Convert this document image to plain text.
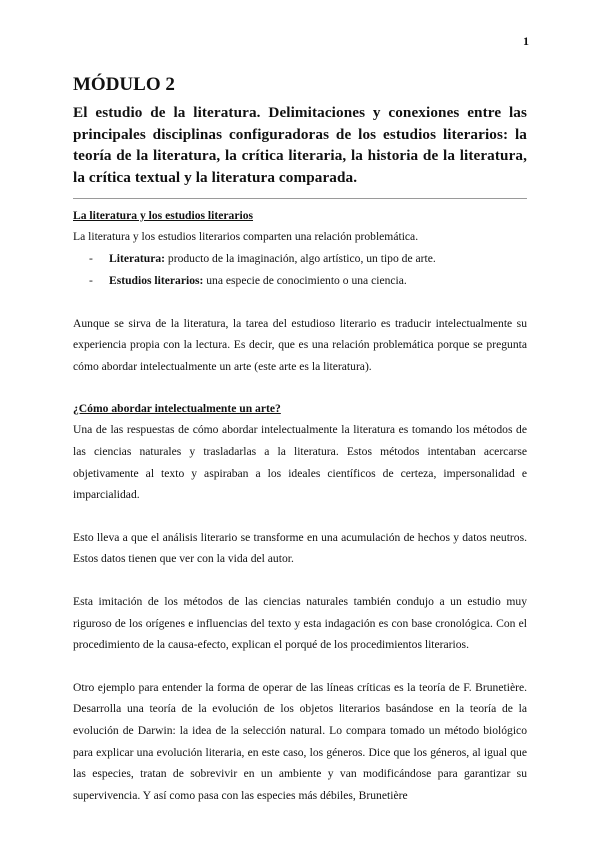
1
MÓDULO 2
El estudio de la literatura. Delimitaciones y conexiones entre las principales disciplinas configuradoras de los estudios literarios: la teoría de la literatura, la crítica literaria, la historia de la literatura, la crítica textual y la literatura comparada.
La literatura y los estudios literarios

La literatura y los estudios literarios comparten una relación problemática.

- Literatura: producto de la imaginación, algo artístico, un tipo de arte.
- Estudios literarios: una especie de conocimiento o una ciencia.

Aunque se sirva de la literatura, la tarea del estudioso literario es traducir intelectualmente su experiencia propia con la lectura. Es decir, que es una relación problemática porque se pregunta cómo abordar intelectualmente un arte (este arte es la literatura).

¿Cómo abordar intelectualmente un arte?

Una de las respuestas de cómo abordar intelectualmente la literatura es tomando los métodos de las ciencias naturales y trasladarlas a la literatura. Estos métodos intentaban acercarse objetivamente al texto y aspiraban a los ideales científicos de certeza, impersonalidad e imparcialidad.

Esto lleva a que el análisis literario se transforme en una acumulación de hechos y datos neutros. Estos datos tienen que ver con la vida del autor.

Esta imitación de los métodos de las ciencias naturales también condujo a un estudio muy riguroso de los orígenes e influencias del texto y esta indagación es con base cronológica. Con el procedimiento de la causa-efecto, explican el porqué de los procedimientos literarios.

Otro ejemplo para entender la forma de operar de las líneas críticas es la teoría de F. Brunetière. Desarrolla una teoría de la evolución de los objetos literarios basándose en la teoría de la evolución de Darwin: la idea de la selección natural. Lo compara tomado un método biológico para explicar una evolución literaria, en este caso, los géneros. Dice que los géneros, al igual que las especies, tratan de sobrevivir en un ambiente y van modificándose para garantizar su supervivencia. Y así como pasa con las especies más débiles, Brunetière
